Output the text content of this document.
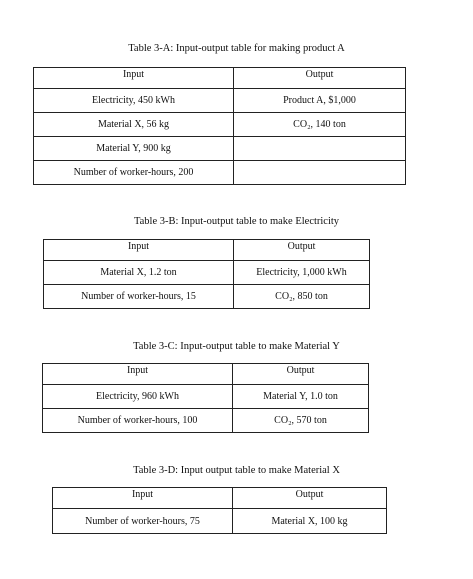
Table 3-A: Input-output table for making product A
Input	Output
Electricity, 450 kWh	Product A, $1,000
Material X, 56 kg	CO₂, 140 ton
Material Y, 900 kg	
Number of worker-hours, 200	
Table 3-B: Input-output table to make Electricity
Input	Output
Material X, 1.2 ton	Electricity, 1,000 kWh
Number of worker-hours, 15	CO₂, 850 ton
Table 3-C: Input-output table to make Material Y
Input	Output
Electricity, 960 kWh	Material Y, 1.0 ton
Number of worker-hours, 100	CO₂, 570 ton
Table 3-D: Input output table to make Material X
Input	Output
Number of worker-hours, 75	Material X, 100 kg
